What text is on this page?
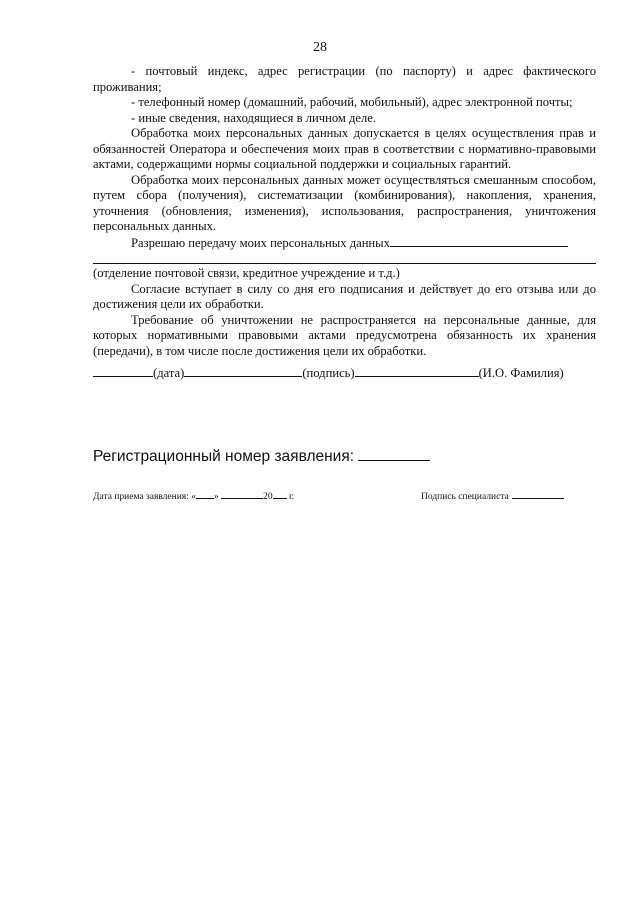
28

- почтовый индекс, адрес регистрации (по паспорту) и адрес фактического проживания;

- телефонный номер (домашний, рабочий, мобильный), адрес электронной почты;

- иные сведения, находящиеся в личном деле.

Обработка моих персональных данных допускается в целях осуществления прав и обязанностей Оператора и обеспечения моих прав в соответствии с нормативно-правовыми актами, содержащими нормы социальной поддержки и социальных гарантий.

Обработка моих персональных данных может осуществляться смешанным способом, путем сбора (получения), систематизации (комбинирования), накопления, хранения, уточнения (обновления, изменения), использования, распространения, уничтожения персональных данных.

Разрешаю передачу моих персональных данных

(отделение почтовой связи, кредитное учреждение и т.д.)

Согласие вступает в силу со дня его подписания и действует до его отзыва или до достижения цели их обработки.

Требование об уничтожении не распространяется на персональные данные, для которых нормативными правовыми актами предусмотрена обязанность их хранения (передачи), в том числе после достижения цели их обработки.

(дата)	(подпись)	(И.О. Фамилия)
Регистрационный номер заявления:
Дата приема заявления: « »	20 г.	Подпись специалиста
